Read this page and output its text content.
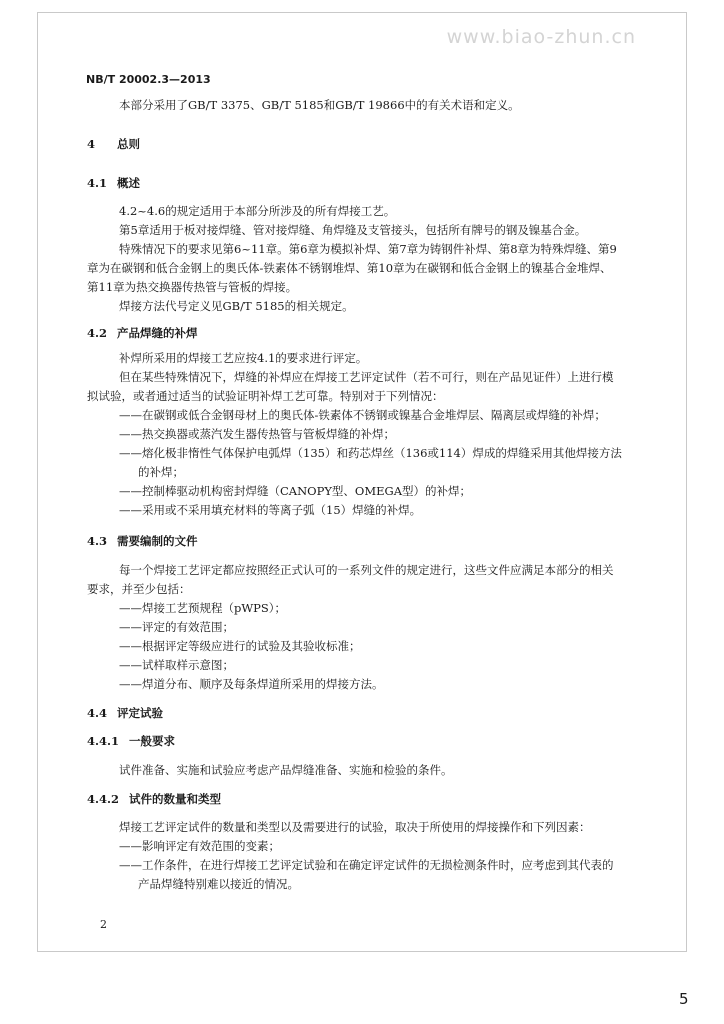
www.biao-zhun.cn
NB/T 20002.3—2013
本部分采用了GB/T 3375、GB/T 5185和GB/T 19866中的有关术语和定义。
4 总则
4.1 概述
4.2~4.6的规定适用于本部分所涉及的所有焊接工艺。
第5章适用于板对接焊缝、管对接焊缝、角焊缝及支管接头，包括所有牌号的钢及镍基合金。
特殊情况下的要求见第6~11章。第6章为模拟补焊、第7章为铸钢件补焊、第8章为特殊焊缝、第9
章为在碳钢和低合金钢上的奥氏体-铁素体不锈钢堆焊、第10章为在碳钢和低合金钢上的镍基合金堆焊、
第11章为热交换器传热管与管板的焊接。
焊接方法代号定义见GB/T 5185的相关规定。
4.2 产品焊缝的补焊
补焊所采用的焊接工艺应按4.1的要求进行评定。
但在某些特殊情况下，焊缝的补焊应在焊接工艺评定试件（若不可行，则在产品见证件）上进行模
拟试验，或者通过适当的试验证明补焊工艺可靠。特别对于下列情况：
——在碳钢或低合金钢母材上的奥氏体-铁素体不锈钢或镍基合金堆焊层、隔离层或焊缝的补焊；
——热交换器或蒸汽发生器传热管与管板焊缝的补焊；
——熔化极非惰性气体保护电弧焊（135）和药芯焊丝（136或114）焊成的焊缝采用其他焊接方法
的补焊；
——控制棒驱动机构密封焊缝（CANOPY型、OMEGA型）的补焊；
——采用或不采用填充材料的等离子弧（15）焊缝的补焊。
4.3 需要编制的文件
每一个焊接工艺评定都应按照经正式认可的一系列文件的规定进行，这些文件应满足本部分的相关
要求，并至少包括：
——焊接工艺预规程（pWPS）；
——评定的有效范围；
——根据评定等级应进行的试验及其验收标准；
——试样取样示意图；
——焊道分布、顺序及每条焊道所采用的焊接方法。
4.4 评定试验
4.4.1 一般要求
试件准备、实施和试验应考虑产品焊缝准备、实施和检验的条件。
4.4.2 试件的数量和类型
焊接工艺评定试件的数量和类型以及需要进行的试验，取决于所使用的焊接操作和下列因素：
——影响评定有效范围的变素；
——工作条件，在进行焊接工艺评定试验和在确定评定试件的无损检测条件时，应考虑到其代表的
产品焊缝特别难以接近的情况。
2
5
